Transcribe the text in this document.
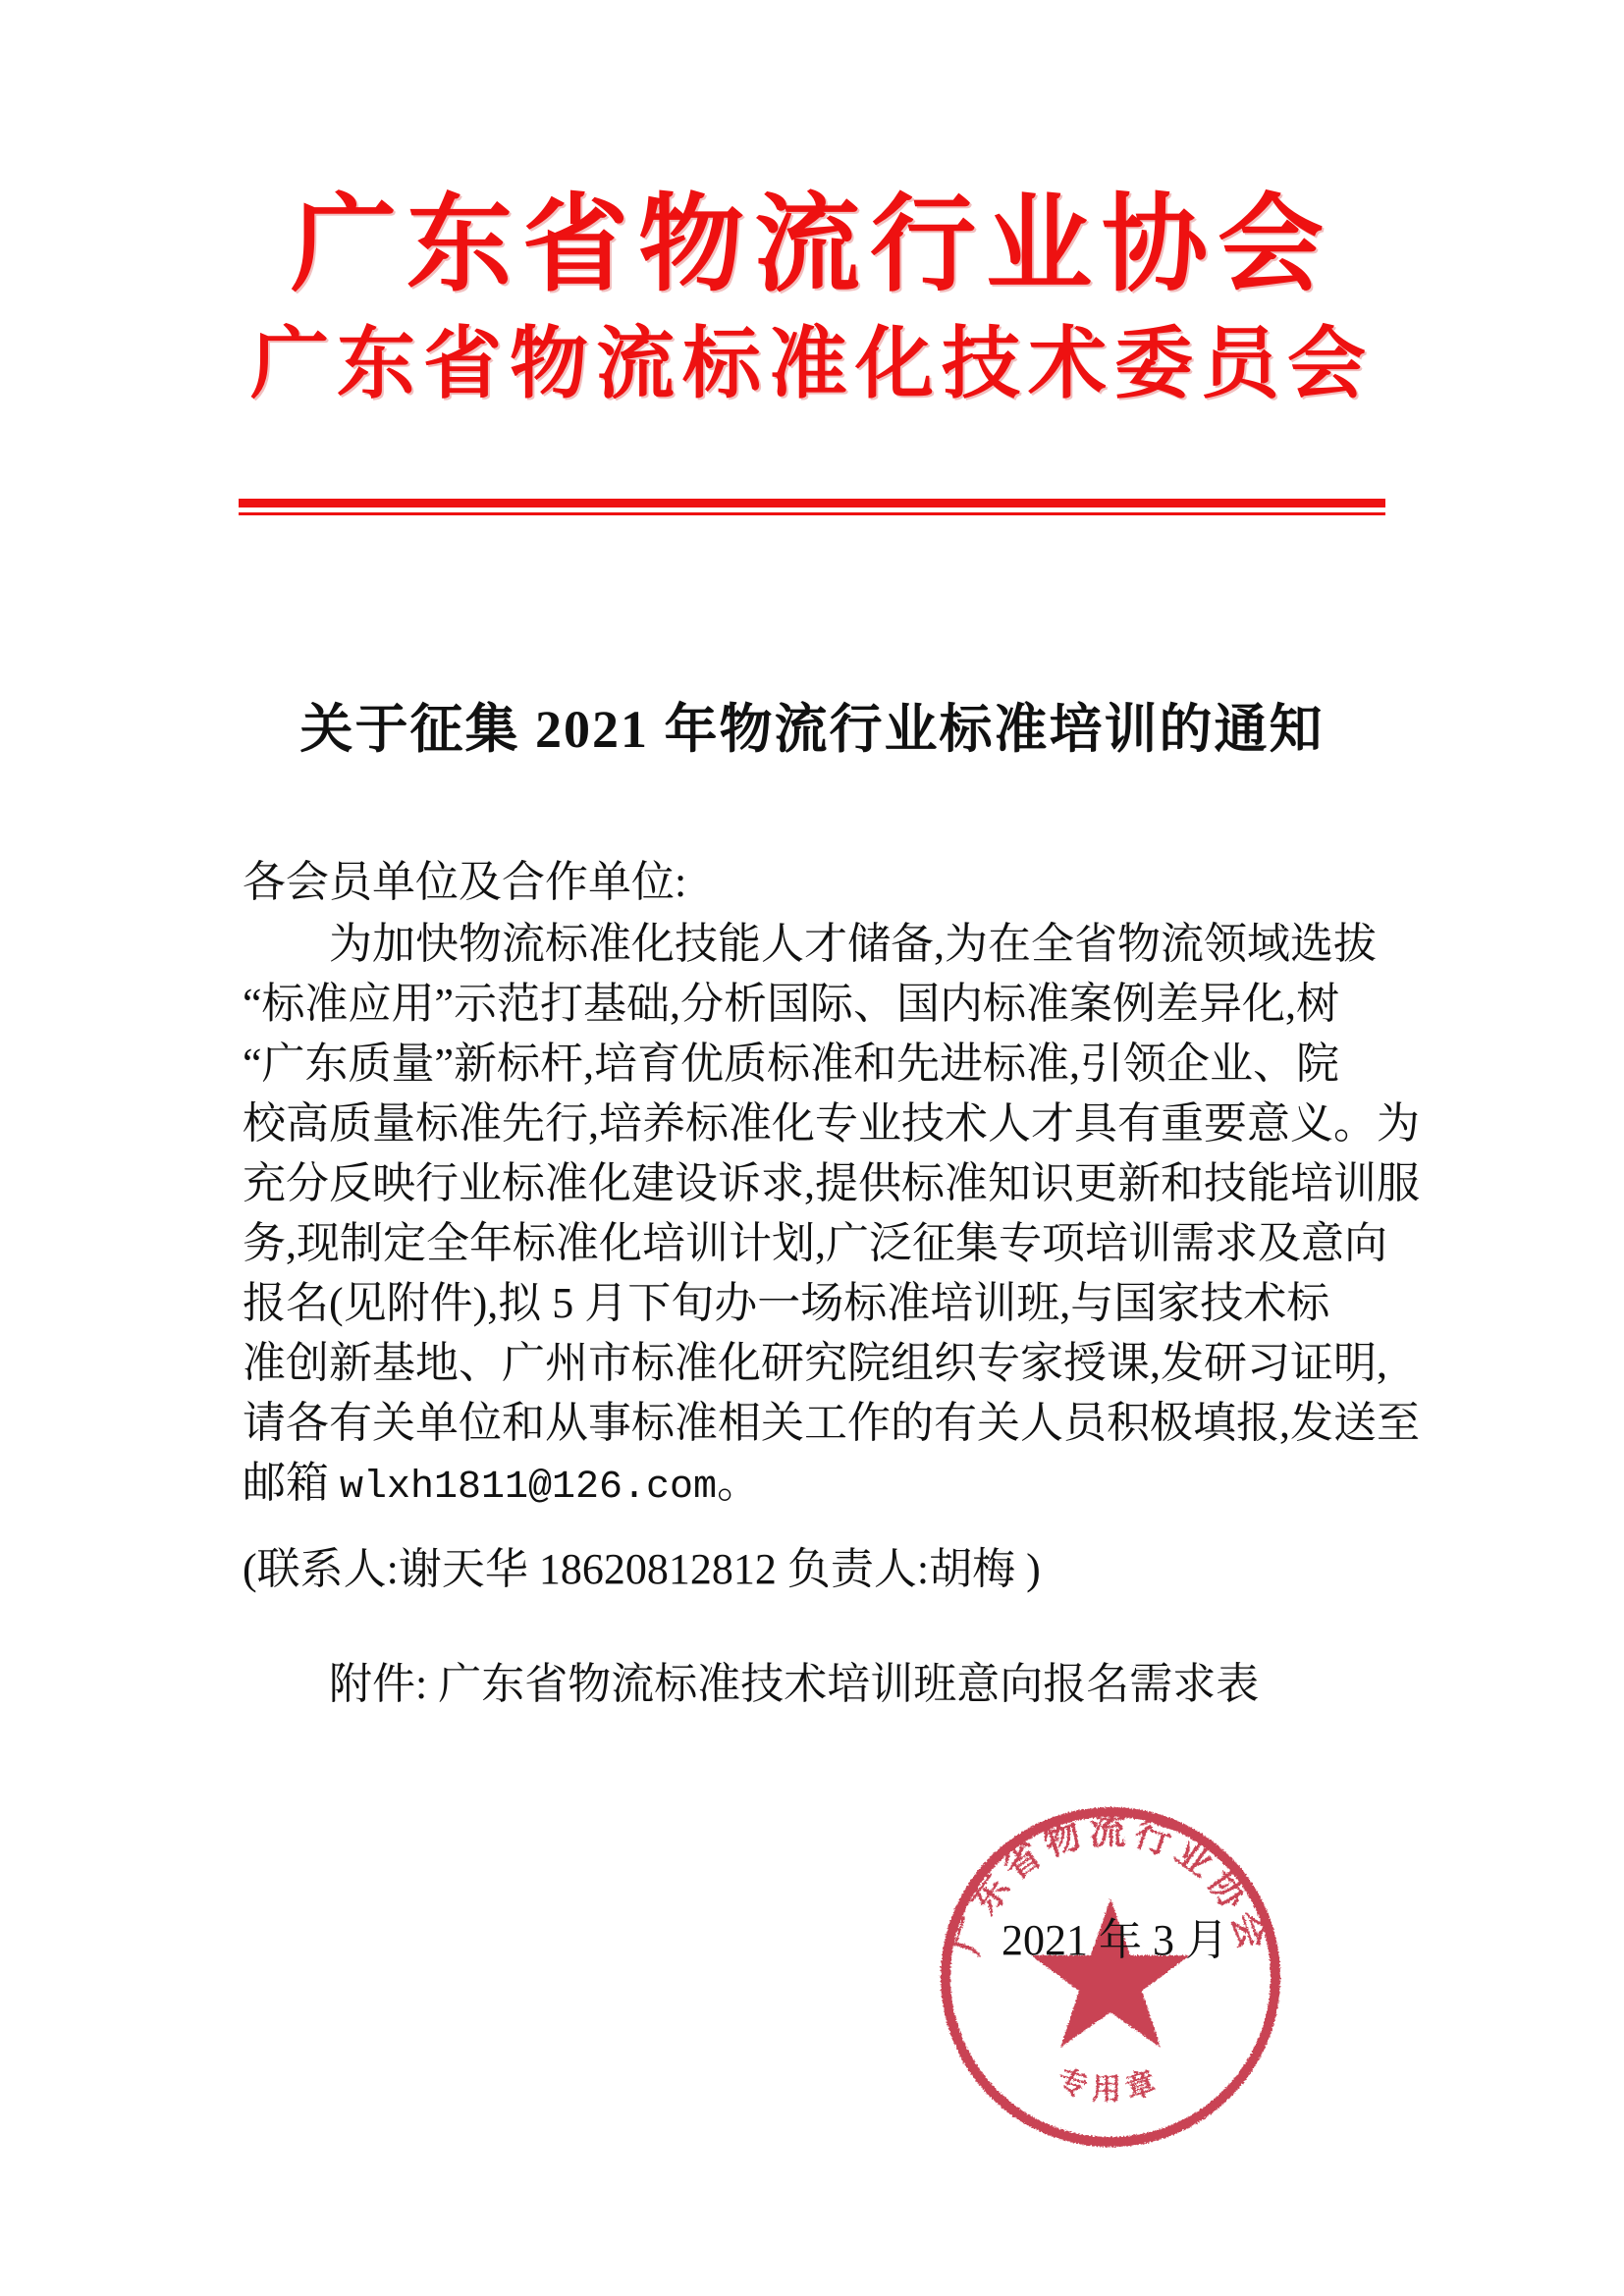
广东省物流行业协会
广东省物流标准化技术委员会
关于征集 2021 年物流行业标准培训的通知

各会员单位及合作单位:

为加快物流标准化技能人才储备,为在全省物流领域选拔

“标准应用”示范打基础,分析国际、国内标准案例差异化,树

“广东质量”新标杆,培育优质标准和先进标准,引领企业、院

校高质量标准先行,培养标准化专业技术人才具有重要意义。为

充分反映行业标准化建设诉求,提供标准知识更新和技能培训服

务,现制定全年标准化培训计划,广泛征集专项培训需求及意向

报名(见附件),拟 5 月下旬办一场标准培训班,与国家技术标

准创新基地、广州市标准化研究院组织专家授课,发研习证明,

请各有关单位和从事标准相关工作的有关人员积极填报,发送至

邮箱 wlxh1811@126.com。

(联系人:谢天华 18620812812 负责人:胡梅 )

附件: 广东省物流标准技术培训班意向报名需求表

广东省物流行业协会
专用章
2021 年 3 月
